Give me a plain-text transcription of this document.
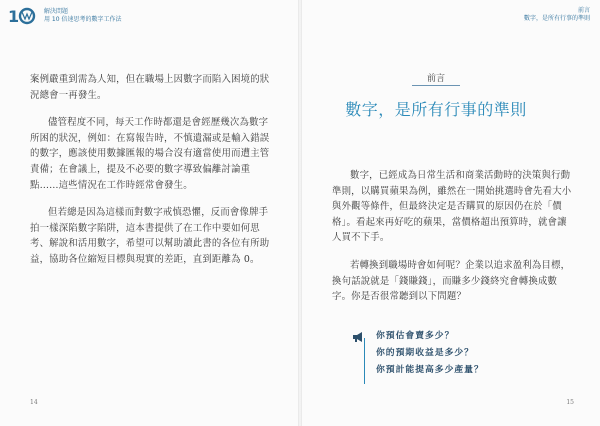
1	解決問題
用 10 倍速思考的數字工作法

案例嚴重到需為人知，但在職場上因數字而陷入困境的狀況總會一再發生。

儘管程度不同，每天工作時都還是會經歷幾次為數字所困的狀況，例如：在寫報告時，不慎遺漏或是輸入錯誤的數字，應該使用數據匯報的場合沒有適當使用而遭主管責備；在會議上，提及不必要的數字導致偏離討論重點……這些情況在工作時經常會發生。

但若總是因為這樣而對數字戒慎恐懼，反而會像牌手拍一樣深陷數字陷阱，這本書提供了在工作中要如何思考、解說和活用數字，希望可以幫助讀此書的各位有所助益，協助各位縮短目標與現實的差距，直到距離為 0。

14
前言
數字，是所有行事的準則
前言
數字，是所有行事的準則

數字，已經成為日常生活和商業活動時的決策與行動準則，以購買蘋果為例，雖然在一開始挑選時會先看大小與外觀等條件，但最終決定是否購買的原因仍在於「價格」。看起來再好吃的蘋果，當價格超出預算時，就會讓人買不下手。

若轉換到職場時會如何呢？企業以追求盈利為目標，換句話說就是「錢賺錢」，而賺多少錢終究會轉換成數字。你是否很常聽到以下問題？

你預估會賣多少？
你的預期收益是多少？
你預計能提高多少產量？
15
